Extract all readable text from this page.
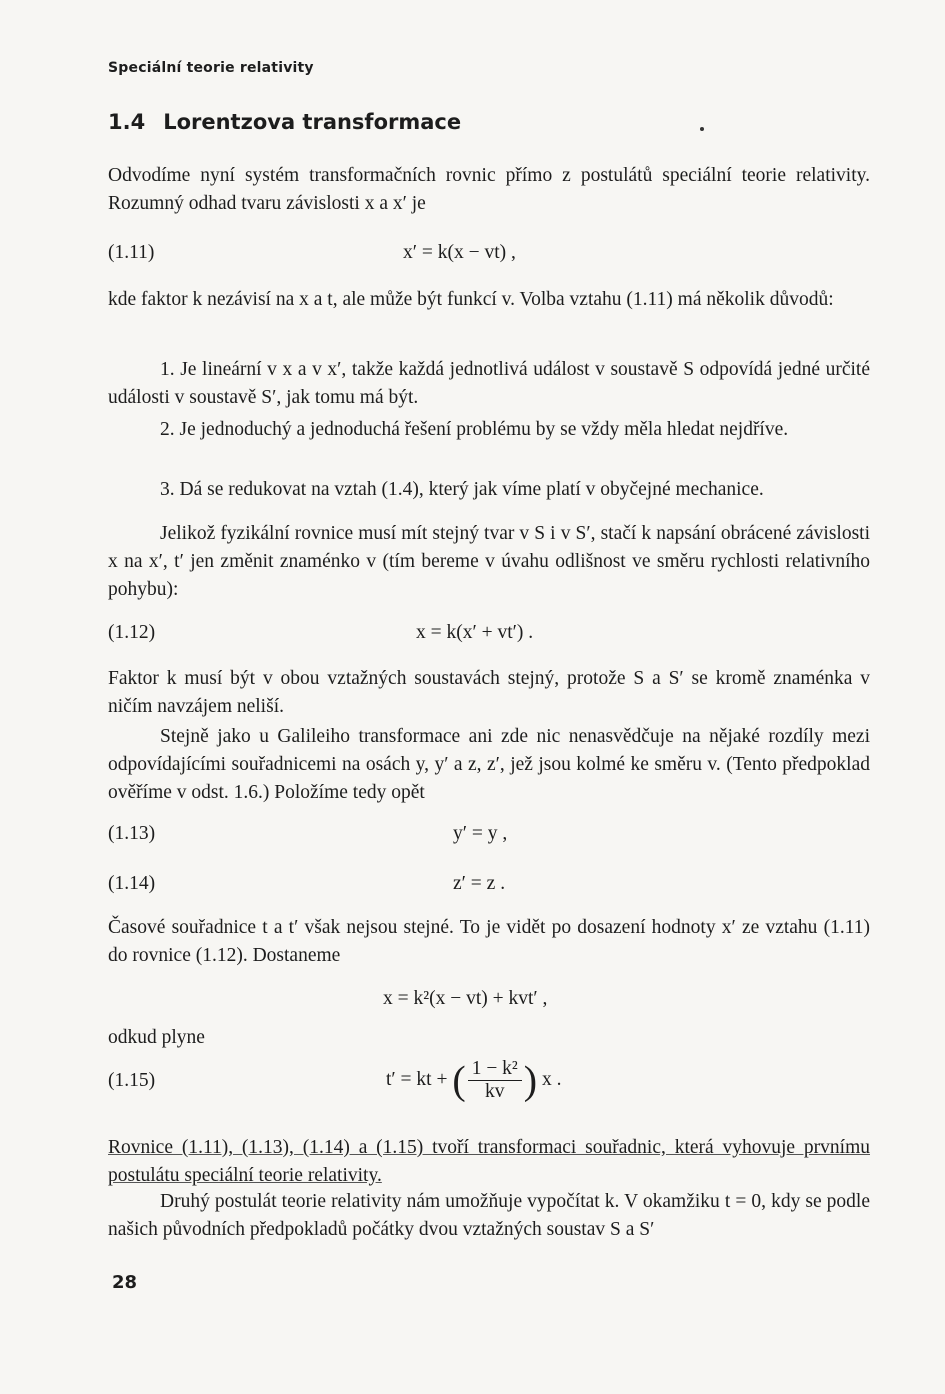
Speciální teorie relativity
1.4 Lorentzova transformace
Odvodíme nyní systém transformačních rovnic přímo z postulátů speciální teorie relativity. Rozumný odhad tvaru závislosti x a x′ je
(1.11)	x′ = k(x − vt) ,
kde faktor k nezávisí na x a t, ale může být funkcí v. Volba vztahu (1.11) má několik důvodů:
1. Je lineární v x a v x′, takže každá jednotlivá událost v soustavě S odpovídá jedné určité události v soustavě S′, jak tomu má být.
2. Je jednoduchý a jednoduchá řešení problému by se vždy měla hledat nejdříve.
3. Dá se redukovat na vztah (1.4), který jak víme platí v obyčejné mechanice.
Jelikož fyzikální rovnice musí mít stejný tvar v S i v S′, stačí k napsání obrácené závislosti x na x′, t′ jen změnit znaménko v (tím bereme v úvahu odlišnost ve směru rychlosti relativního pohybu):
(1.12)	x = k(x′ + vt′) .
Faktor k musí být v obou vztažných soustavách stejný, protože S a S′ se kromě znaménka v ničím navzájem neliší.
Stejně jako u Galileiho transformace ani zde nic nenasvědčuje na nějaké rozdíly mezi odpovídajícími souřadnicemi na osách y, y′ a z, z′, jež jsou kolmé ke směru v. (Tento předpoklad ověříme v odst. 1.6.) Položíme tedy opět
(1.13)	y′ = y ,
(1.14)	z′ = z .
Časové souřadnice t a t′ však nejsou stejné. To je vidět po dosazení hodnoty x′ ze vztahu (1.11) do rovnice (1.12). Dostaneme
x = k²(x − vt) + kvt′ ,
odkud plyne
(1.15)	t′ = kt + ( $\frac{\text{1 − k²}}{kv}$ ) x .
Rovnice (1.11), (1.13), (1.14) a (1.15) tvoří transformaci souřadnic, která vyhovuje prvnímu postulátu speciální teorie relativity.
Druhý postulát teorie relativity nám umožňuje vypočítat k. V okamžiku t = 0, kdy se podle našich původních předpokladů počátky dvou vztažných soustav S a S′
28
